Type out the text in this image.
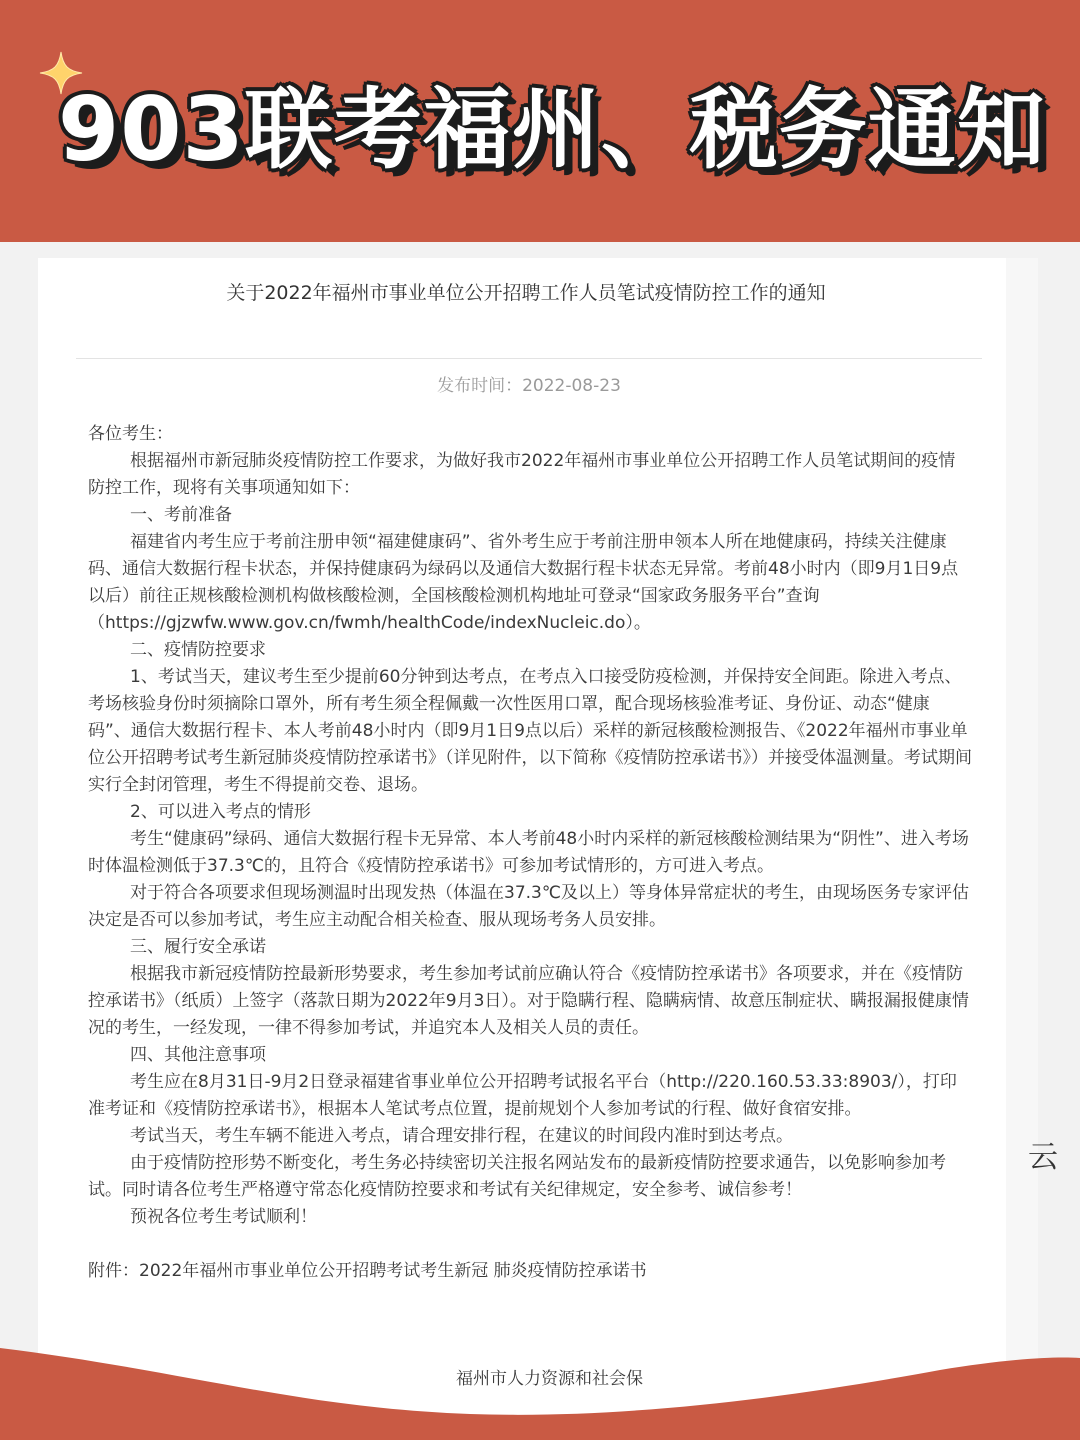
903联考福州、税务通知
云
关于2022年福州市事业单位公开招聘工作人员笔试疫情防控工作的通知
发布时间：2022-08-23

各位考生：

根据福州市新冠肺炎疫情防控工作要求，为做好我市2022年福州市事业单位公开招聘工作人员笔试期间的疫情防控工作，现将有关事项通知如下：

一、考前准备

福建省内考生应于考前注册申领“福建健康码”、省外考生应于考前注册申领本人所在地健康码，持续关注健康码、通信大数据行程卡状态，并保持健康码为绿码以及通信大数据行程卡状态无异常。考前48小时内（即9月1日9点以后）前往正规核酸检测机构做核酸检测，全国核酸检测机构地址可登录“国家政务服务平台”查询（https://gjzwfw.www.gov.cn/fwmh/healthCode/indexNucleic.do）。

二、疫情防控要求

1、考试当天，建议考生至少提前60分钟到达考点，在考点入口接受防疫检测，并保持安全间距。除进入考点、考场核验身份时须摘除口罩外，所有考生须全程佩戴一次性医用口罩，配合现场核验准考证、身份证、动态“健康码”、通信大数据行程卡、本人考前48小时内（即9月1日9点以后）采样的新冠核酸检测报告、《2022年福州市事业单位公开招聘考试考生新冠肺炎疫情防控承诺书》（详见附件，以下简称《疫情防控承诺书》）并接受体温测量。考试期间实行全封闭管理，考生不得提前交卷、退场。

2、可以进入考点的情形

考生“健康码”绿码、通信大数据行程卡无异常、本人考前48小时内采样的新冠核酸检测结果为“阴性”、进入考场时体温检测低于37.3℃的，且符合《疫情防控承诺书》可参加考试情形的，方可进入考点。

对于符合各项要求但现场测温时出现发热（体温在37.3℃及以上）等身体异常症状的考生，由现场医务专家评估决定是否可以参加考试，考生应主动配合相关检查、服从现场考务人员安排。

三、履行安全承诺

根据我市新冠疫情防控最新形势要求，考生参加考试前应确认符合《疫情防控承诺书》各项要求，并在《疫情防控承诺书》（纸质）上签字（落款日期为2022年9月3日）。对于隐瞒行程、隐瞒病情、故意压制症状、瞒报漏报健康情况的考生，一经发现，一律不得参加考试，并追究本人及相关人员的责任。

四、其他注意事项

考生应在8月31日-9月2日登录福建省事业单位公开招聘考试报名平台（http://220.160.53.33:8903/），打印准考证和《疫情防控承诺书》，根据本人笔试考点位置，提前规划个人参加考试的行程、做好食宿安排。

考试当天，考生车辆不能进入考点，请合理安排行程，在建议的时间段内准时到达考点。

由于疫情防控形势不断变化，考生务必持续密切关注报名网站发布的最新疫情防控要求通告，以免影响参加考试。同时请各位考生严格遵守常态化疫情防控要求和考试有关纪律规定，安全参考、诚信参考！

预祝各位考生考试顺利！

附件：2022年福州市事业单位公开招聘考试考生新冠 肺炎疫情防控承诺书

福州市人力资源和社会保
